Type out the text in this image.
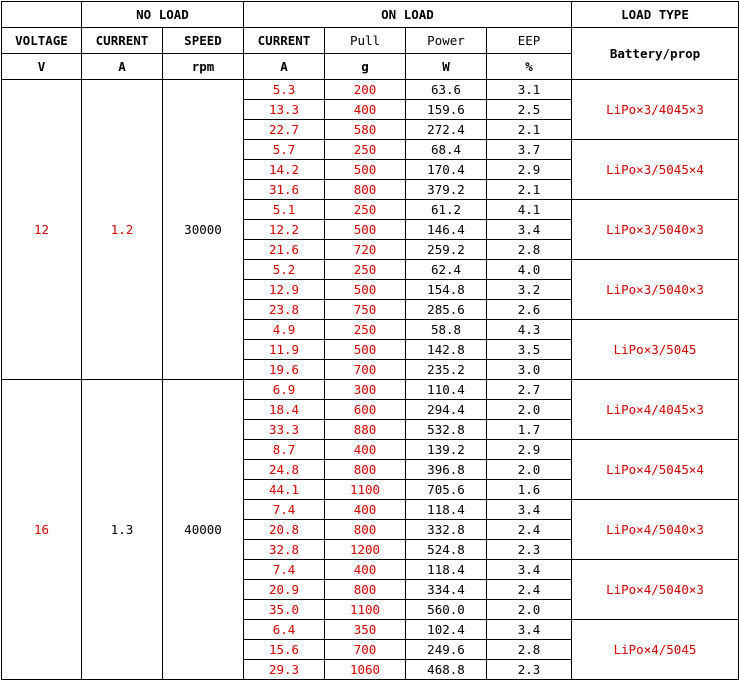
	NO LOAD		ON LOAD				LOAD TYPE
VOLTAGE	CURRENT	SPEED	CURRENT	Pull	Power	EEP	Battery/prop
V	A	rpm	A	g	W	%	
12	1.2	30000	5.3	200	63.6	3.1	LiPo×3/4045×3
			13.3	400	159.6	2.5	
			22.7	580	272.4	2.1	
			5.7	250	68.4	3.7	LiPo×3/5045×4
			14.2	500	170.4	2.9	
			31.6	800	379.2	2.1	
			5.1	250	61.2	4.1	LiPo×3/5040×3
			12.2	500	146.4	3.4	
			21.6	720	259.2	2.8	
			5.2	250	62.4	4.0	LiPo×3/5040×3
			12.9	500	154.8	3.2	
			23.8	750	285.6	2.6	
			4.9	250	58.8	4.3	LiPo×3/5045
			11.9	500	142.8	3.5	
			19.6	700	235.2	3.0	
16	1.3	40000	6.9	300	110.4	2.7	LiPo×4/4045×3
			18.4	600	294.4	2.0	
			33.3	880	532.8	1.7	
			8.7	400	139.2	2.9	LiPo×4/5045×4
			24.8	800	396.8	2.0	
			44.1	1100	705.6	1.6	
			7.4	400	118.4	3.4	LiPo×4/5040×3
			20.8	800	332.8	2.4	
			32.8	1200	524.8	2.3	
			7.4	400	118.4	3.4	LiPo×4/5040×3
			20.9	800	334.4	2.4	
			35.0	1100	560.0	2.0	
			6.4	350	102.4	3.4	LiPo×4/5045
			15.6	700	249.6	2.8	
			29.3	1060	468.8	2.3	
